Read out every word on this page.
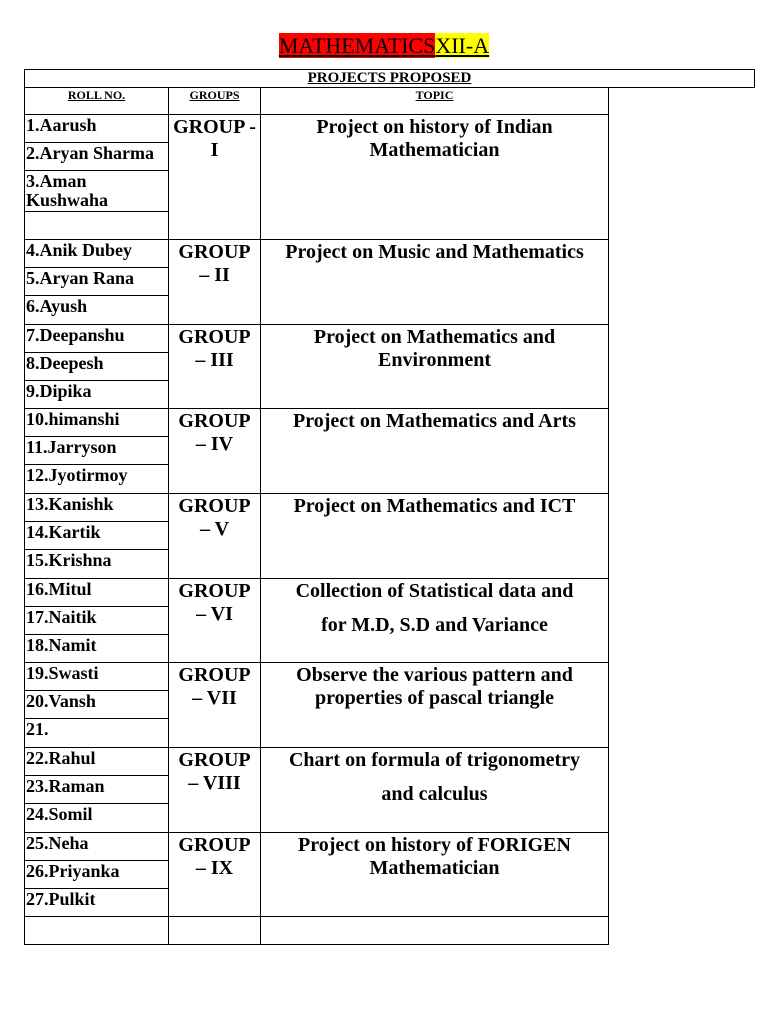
MATHEMATICSXII-A
PROJECTS PROPOSED
ROLL NO.	GROUPS	TOPIC
1.Aarush
2.Aryan Sharma
3.Aman Kushwaha
GROUP - I
Project on history of Indian Mathematician
4.Anik Dubey
5.Aryan Rana
6.Ayush
GROUP – II
Project on Music and Mathematics
7.Deepanshu
8.Deepesh
9.Dipika
GROUP – III
Project on Mathematics and Environment
10.himanshi
11.Jarryson
12.Jyotirmoy
GROUP – IV
Project on Mathematics and Arts
13.Kanishk
14.Kartik
15.Krishna
GROUP – V
Project on Mathematics and ICT
16.Mitul
17.Naitik
18.Namit
GROUP – VI
Collection of Statistical data and
for M.D, S.D and Variance
19.Swasti
20.Vansh
21.
GROUP – VII
Observe the various pattern and properties of pascal triangle
22.Rahul
23.Raman
24.Somil
GROUP – VIII
Chart on formula of trigonometry
and calculus
25.Neha
26.Priyanka
27.Pulkit
GROUP – IX
Project on history of FORIGEN Mathematician
